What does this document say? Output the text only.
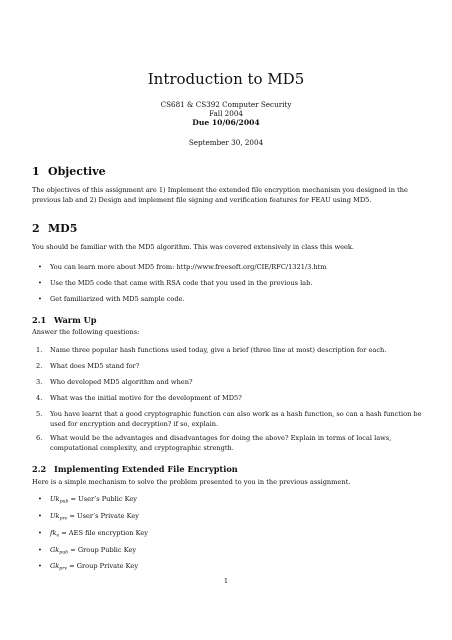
Introduction to MD5
CS681 & CS392 Computer Security
Fall 2004
Due 10/06/2004
September 30, 2004
1 Objective
The objectives of this assignment are 1) Implement the extended file encryption mechanism you designed in the previous lab and 2) Design and implement file signing and verification features for FEAU using MD5.
2 MD5
You should be familiar with the MD5 algorithm. This was covered extensively in class this week.
• You can learn more about MD5 from: http://www.freesoft.org/CIE/RFC/1321/3.htm
• Use the MD5 code that came with RSA code that you used in the previous lab.
• Get familiarized with MD5 sample code.
2.1 Warm Up
Answer the following questions:
1. Name three popular hash functions used today, give a brief (three line at most) description for each.
2. What does MD5 stand for?
3. Who developed MD5 algorithm and when?
4. What was the initial motive for the development of MD5?
5. You have learnt that a good cryptographic function can also work as a hash function, so can a hash function be used for encryption and decryption? if so, explain.
6. What would be the advantages and disadvantages for doing the above? Explain in terms of local laws, computational complexity, and cryptographic strength.
2.2 Implementing Extended File Encryption
Here is a simple mechanism to solve the problem presented to you in the previous assignment.
• $Uk_{pub}$ = User’s Public Key
• $Uk_{prv}$ = User’s Private Key
• $fk_e$ = AES file encryption Key
• $Gk_{pub}$ = Group Public Key
• $Gk_{prv}$ = Group Private Key
1
